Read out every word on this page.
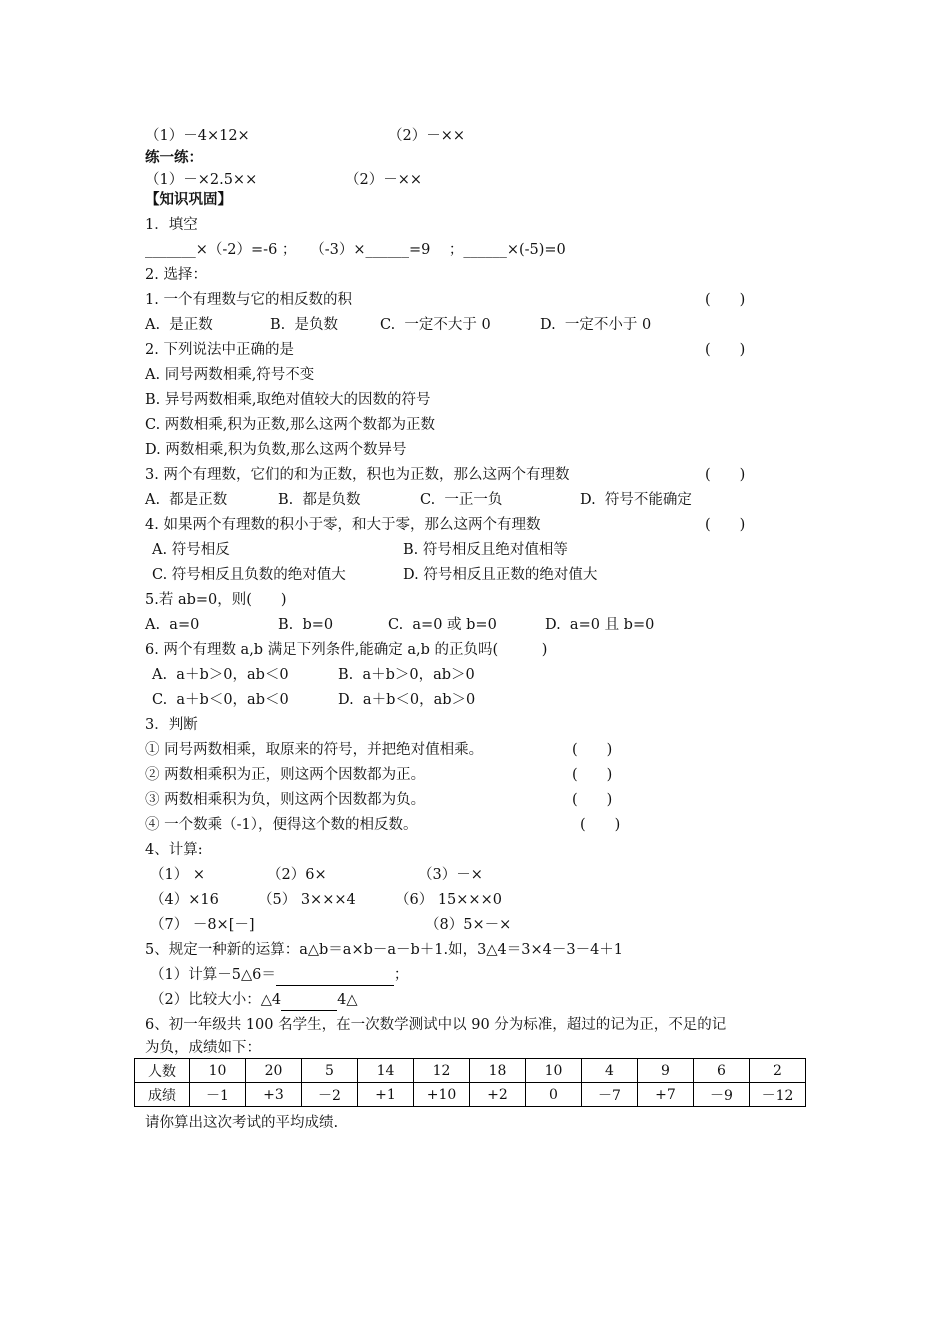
（1）－4×12×	（2）－××
练一练：
（1）－×2.5××	（2）－××
【知识巩固】
1．填空
_______×（-2）=-6 ；   （-3）×______=9    ；______×(-5)=0
2. 选择：
1. 一个有理数与它的相反数的积	(　　)
A.  是正数	B.  是负数	C.  一定不大于 0	D.  一定不小于 0
2. 下列说法中正确的是	(　　)
A. 同号两数相乘,符号不变
B. 异号两数相乘,取绝对值较大的因数的符号
C. 两数相乘,积为正数,那么这两个数都为正数
D. 两数相乘,积为负数,那么这两个数异号
3. 两个有理数，它们的和为正数，积也为正数，那么这两个有理数	(　　)
A.  都是正数	B.  都是负数	C.  一正一负	D.  符号不能确定
4. 如果两个有理数的积小于零，和大于零，那么这两个有理数	(　　)
A. 符号相反	B. 符号相反且绝对值相等
C. 符号相反且负数的绝对值大	D. 符号相反且正数的绝对值大
5.若 ab=0，则(　　)
A.  a=0	B.  b=0	C.  a=0 或 b=0	D.  a=0 且 b=0
6. 两个有理数 a,b 满足下列条件,能确定 a,b 的正负吗(　　　)
A.  a＋b＞0，ab＜0	B.  a＋b＞0，ab＞0
C.  a＋b＜0，ab＜0	D.  a＋b＜0，ab＞0
3．判断
① 同号两数相乘，取原来的符号，并把绝对值相乘。	(　　)
② 两数相乘积为正，则这两个因数都为正。	(　　)
③ 两数相乘积为负，则这两个因数都为负。	(　　)
④ 一个数乘（-1），便得这个数的相反数。	(　　)
4、计算:
（1） ×	（2）6×	（3）－×
（4）×16	（5） 3×××4	（6） 15×××0
（7） －8×[－]	（8）5×－×
5、规定一种新的运算：a△b＝a×b－a－b＋1.如，3△4＝3×4－3－4＋1
（1）计算－5△6＝	；
（2）比较大小：△4	4△
6、初一年级共 100 名学生，在一次数学测试中以 90 分为标准，超过的记为正，不足的记
为负，成绩如下：
人数	10	20	5	14	12	18	10	4	9	6	2
成绩	－1	+3	－2	+1	+10	+2	0	－7	+7	－9	－12
请你算出这次考试的平均成绩.
